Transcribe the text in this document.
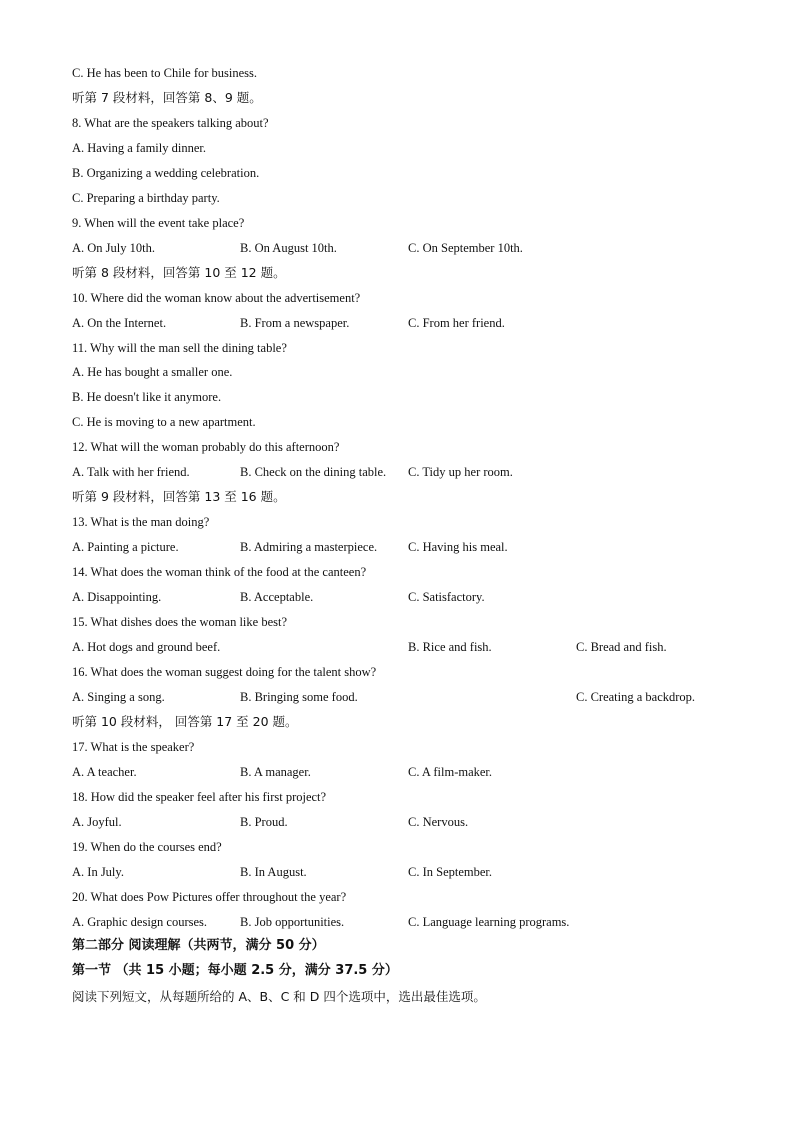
C. He has been to Chile for business.
听第 7 段材料，回答第 8、9 题。
8. What are the speakers talking about?
A. Having a family dinner.
B. Organizing a wedding celebration.
C. Preparing a birthday party.
9. When will the event take place?
A. On July 10th.	B. On August 10th.	C. On September 10th.
听第 8 段材料，回答第 10 至 12 题。
10. Where did the woman know about the advertisement?
A. On the Internet.	B. From a newspaper.	C. From her friend.
11. Why will the man sell the dining table?
A. He has bought a smaller one.
B. He doesn't like it anymore.
C. He is moving to a new apartment.
12. What will the woman probably do this afternoon?
A. Talk with her friend.	B. Check on the dining table. C. Tidy up her room.
听第 9 段材料，回答第 13 至 16 题。
13. What is the man doing?
A. Painting a picture.	B. Admiring a masterpiece. C. Having his meal.
14. What does the woman think of the food at the canteen?
A. Disappointing.	B. Acceptable.	C. Satisfactory.
15. What dishes does the woman like best?
A. Hot dogs and ground beef.	B. Rice and fish.	C. Bread and fish.
16. What does the woman suggest doing for the talent show?
A. Singing a song.	B. Bringing some food.	C. Creating a backdrop.
听第 10 段材料， 回答第 17 至 20 题。
17. What is the speaker?
A. A teacher.	B. A manager.	C. A film-maker.
18. How did the speaker feel after his first project?
A. Joyful.	B. Proud.	C. Nervous.
19. When do the courses end?
A. In July.	B. In August.	C. In September.
20. What does Pow Pictures offer throughout the year?
A. Graphic design courses.	B. Job opportunities.	C. Language learning programs.
第二部分 阅读理解（共两节，满分 50 分）
第一节 （共 15 小题；每小题 2.5 分，满分 37.5 分）
阅读下列短文，从每题所给的 A、B、C 和 D 四个选项中，选出最佳选项。
